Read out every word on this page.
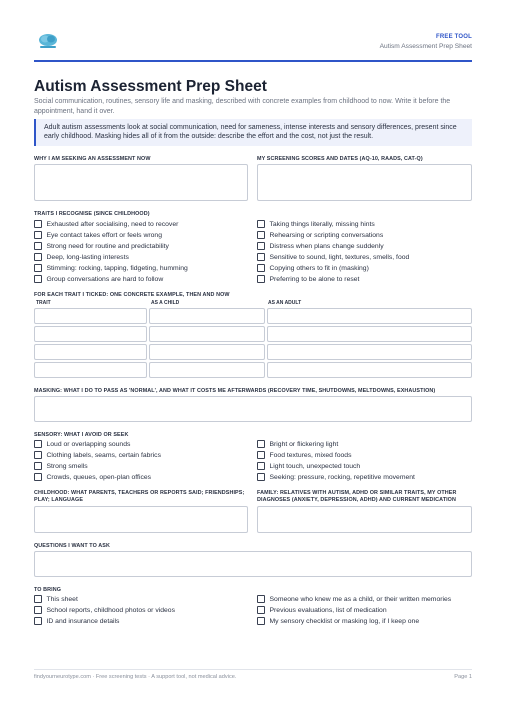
FREE TOOL
Autism Assessment Prep Sheet
Autism Assessment Prep Sheet
Social communication, routines, sensory life and masking, described with concrete examples from childhood to now. Write it before the appointment, hand it over.
Adult autism assessments look at social communication, need for sameness, intense interests and sensory differences, present since early childhood. Masking hides all of it from the outside: describe the effort and the cost, not just the result.
WHY I AM SEEKING AN ASSESSMENT NOW	MY SCREENING SCORES AND DATES (AQ-10, RAADS, CAT-Q)
TRAITS I RECOGNISE (SINCE CHILDHOOD)
Exhausted after socialising, need to recover
Eye contact takes effort or feels wrong
Strong need for routine and predictability
Deep, long-lasting interests
Stimming: rocking, tapping, fidgeting, humming
Group conversations are hard to follow
Taking things literally, missing hints
Rehearsing or scripting conversations
Distress when plans change suddenly
Sensitive to sound, light, textures, smells, food
Copying others to fit in (masking)
Preferring to be alone to reset
FOR EACH TRAIT I TICKED: ONE CONCRETE EXAMPLE, THEN AND NOW
TRAIT	AS A CHILD	AS AN ADULT
MASKING: WHAT I DO TO PASS AS 'NORMAL', AND WHAT IT COSTS ME AFTERWARDS (RECOVERY TIME, SHUTDOWNS, MELTDOWNS, EXHAUSTION)
SENSORY: WHAT I AVOID OR SEEK
Loud or overlapping sounds
Clothing labels, seams, certain fabrics
Strong smells
Crowds, queues, open-plan offices
Bright or flickering light
Food textures, mixed foods
Light touch, unexpected touch
Seeking: pressure, rocking, repetitive movement
CHILDHOOD: WHAT PARENTS, TEACHERS OR REPORTS SAID; FRIENDSHIPS; PLAY; LANGUAGE
FAMILY: RELATIVES WITH AUTISM, ADHD OR SIMILAR TRAITS, MY OTHER DIAGNOSES (ANXIETY, DEPRESSION, ADHD) AND CURRENT MEDICATION
QUESTIONS I WANT TO ASK
TO BRING
This sheet
School reports, childhood photos or videos
ID and insurance details
Someone who knew me as a child, or their written memories
Previous evaluations, list of medication
My sensory checklist or masking log, if I keep one
findyourneurotype.com · Free screening tests · A support tool, not medical advice.	Page 1
